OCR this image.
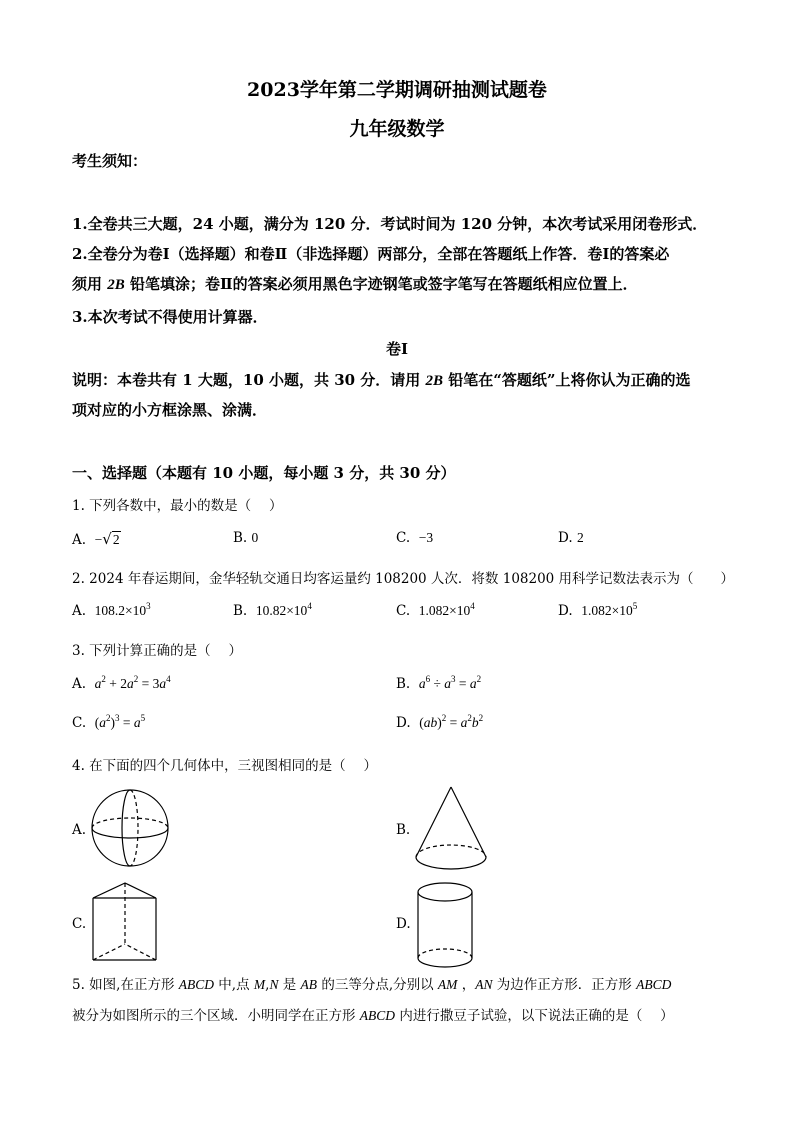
2023学年第二学期调研抽测试题卷
九年级数学
考生须知：
1.全卷共三大题，24 小题，满分为 120 分．考试时间为 120 分钟，本次考试采用闭卷形式．
2.全卷分为卷Ⅰ（选择题）和卷Ⅱ（非选择题）两部分，全部在答题纸上作答．卷Ⅰ的答案必
须用 2B 铅笔填涂；卷Ⅱ的答案必须用黑色字迹钢笔或签字笔写在答题纸相应位置上．
3.本次考试不得使用计算器．
卷Ⅰ
说明：本卷共有 1 大题，10 小题，共 30 分．请用 2B 铅笔在“答题纸”上将你认为正确的选
项对应的小方框涂黑、涂满．
一、选择题（本题有 10 小题，每小题 3 分，共 30 分）
1. 下列各数中，最小的数是（　 ）
A. −√2	B. 0	C. −3	D. 2
2. 2024 年春运期间，金华轻轨交通日均客运量约 108200 人次．将数 108200 用科学记数法表示为（　　）
A. $108.2\times 10^3$	B. $10.82\times 10^4$	C. $1.082\times 10^4$	D. $1.082\times 10^5$
3. 下列计算正确的是（　 ）
A. $a^2 + 2a^2 = 3a^4$	B. $a^6 \div a^3 = a^2$
C. $(a^2)^3 = a^5$	D. $(ab)^2 = a^2b^2$
4. 在下面的四个几何体中，三视图相同的是（　 ）
A.	B.
C.	D.
5. 如图,在正方形 ABCD 中,点 M,N 是 AB 的三等分点,分别以 AM ，AN 为边作正方形．正方形 ABCD
被分为如图所示的三个区域．小明同学在正方形 ABCD 内进行撒豆子试验，以下说法正确的是（　 ）
